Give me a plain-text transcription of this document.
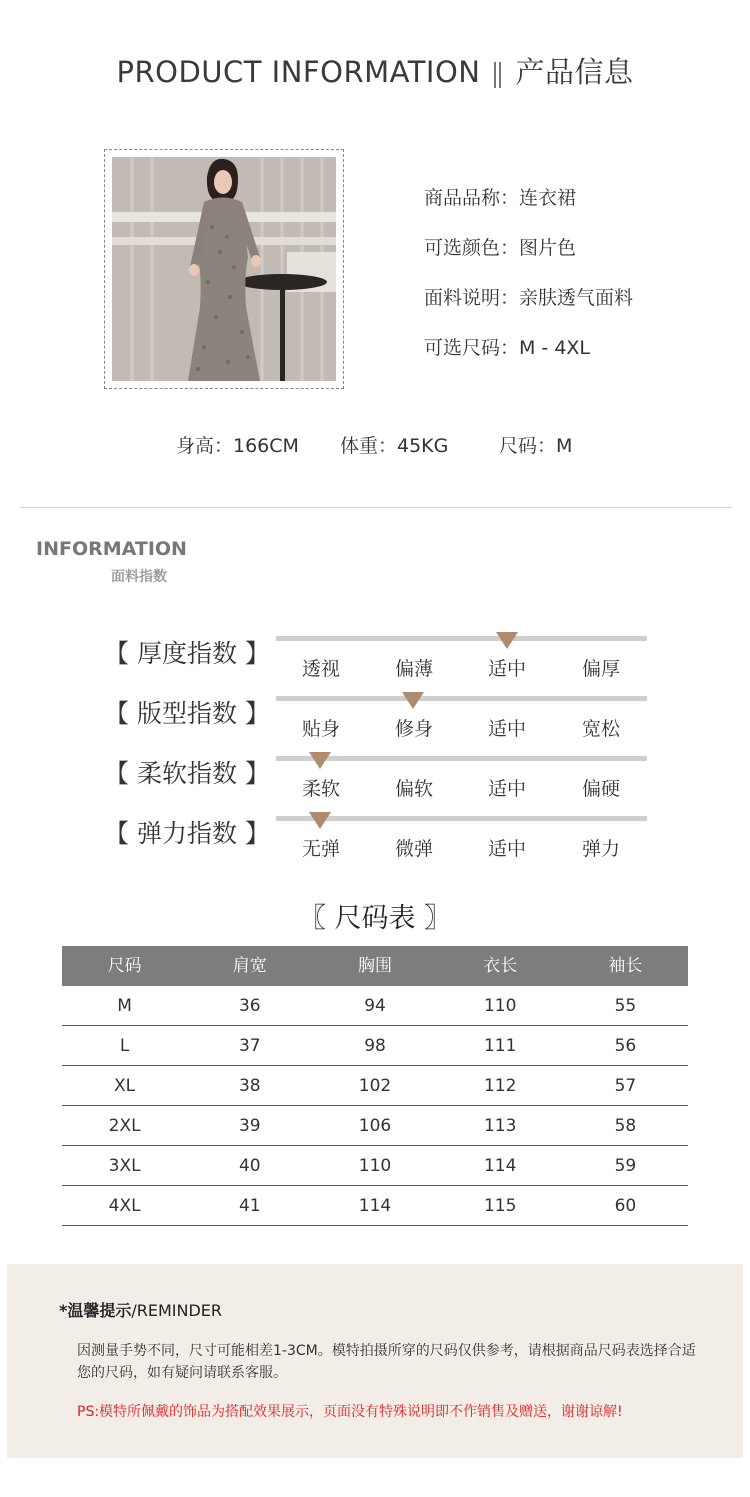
PRODUCT INFORMATION 产品信息
商品品称：连衣裙
可选颜色：图片色
面料说明：亲肤透气面料
可选尺码：M - 4XL
身高：166CM 体重：45KG	尺码：M
INFORMATION
面料指数
【 厚度指数 】
透视	偏薄	适中	偏厚
【 版型指数 】
贴身	修身	适中	宽松
【 柔软指数 】
柔软	偏软	适中	偏硬
【 弹力指数 】
无弹	微弹	适中	弹力
〖 尺码表 〗
尺码	肩宽	胸围	衣长	袖长
M	36	94	110	55
L	37	98	111	56
XL	38	102	112	57
2XL	39	106	113	58
3XL	40	110	114	59
4XL	41	114	115	60
*温馨提示/REMINDER
因测量手势不同，尺寸可能相差1-3CM。模特拍摄所穿的尺码仅供参考，请根据商品尺码表选择合适您的尺码，如有疑问请联系客服。
PS:模特所佩戴的饰品为搭配效果展示，页面没有特殊说明即不作销售及赠送，谢谢谅解!
